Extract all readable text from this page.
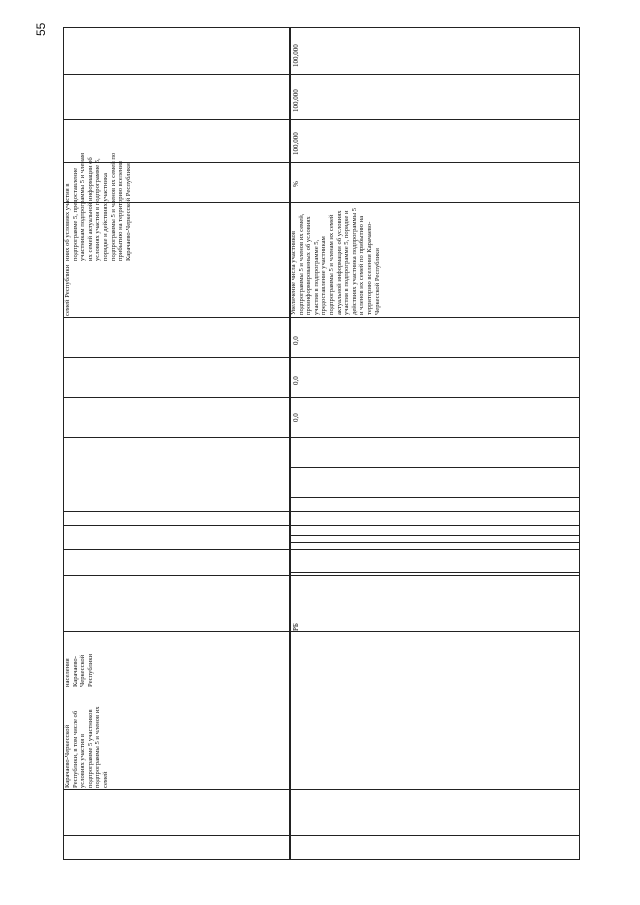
55
Карачаево-Черкесской Республики, в том числе об условиях участия в подпрограмме 5 участников подпрограммы 5 и членов их семей
населения Карачаево-Черкесской Республики
семей Республики
ниях об условиях участия в подпрограмме 5, предоставление участникам подпрограммы 5 и членам их семей актуальной информации об условиях участия в подпрограмме 5, порядке и действиях участника подпрограммы 5 и членов их семей по прибытию на территорию вселения Карачаево-Черкесской Республики
Увеличение числа участников подпрограммы 5 и членов их семей, проинформированных об условиях участия в подпрограмме 5, предоставление участникам подпрограммы 5 и членам их семей актуальной информации об условиях участия в подпрограмме 5, порядке и действиях участника подпрограммы 5 и членов их семей по прибытию на территорию вселения Карачаево-Черкесской Республики
%
РБ
100,000
100,000
100,000
0,0
0,0
0,0
